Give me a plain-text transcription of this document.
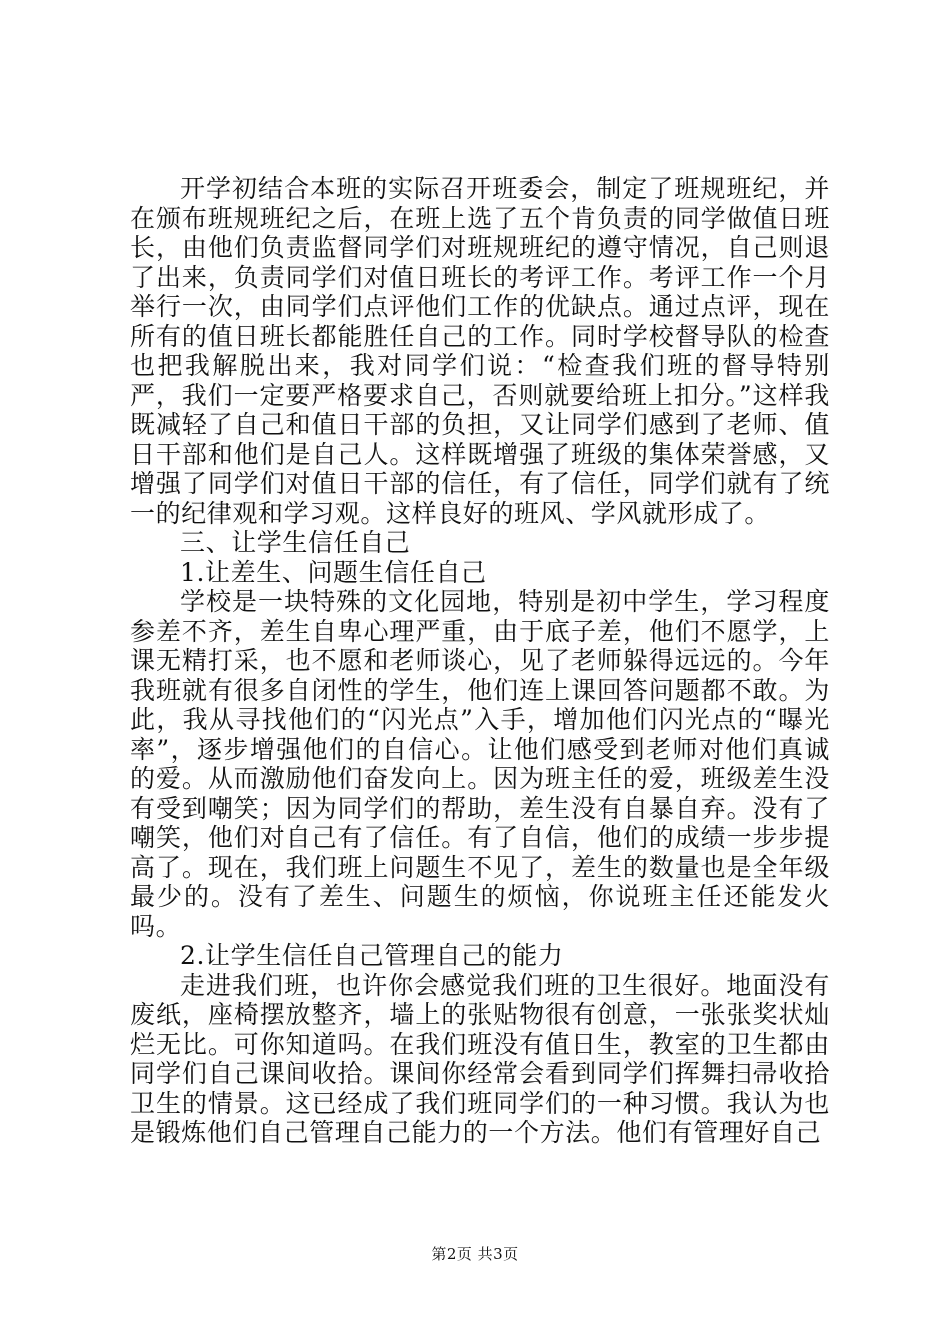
开学初结合本班的实际召开班委会，制定了班规班纪，并在颁布班规班纪之后，在班上选了五个肯负责的同学做值日班长，由他们负责监督同学们对班规班纪的遵守情况，自己则退了出来，负责同学们对值日班长的考评工作。考评工作一个月举行一次，由同学们点评他们工作的优缺点。通过点评，现在所有的值日班长都能胜任自己的工作。同时学校督导队的检查也把我解脱出来，我对同学们说：“检查我们班的督导特别严，我们一定要严格要求自己，否则就要给班上扣分。”这样我既减轻了自己和值日干部的负担，又让同学们感到了老师、值日干部和他们是自己人。这样既增强了班级的集体荣誉感，又增强了同学们对值日干部的信任，有了信任，同学们就有了统一的纪律观和学习观。这样良好的班风、学风就形成了。

三、让学生信任自己

1.让差生、问题生信任自己

学校是一块特殊的文化园地，特别是初中学生，学习程度参差不齐，差生自卑心理严重，由于底子差，他们不愿学，上课无精打采，也不愿和老师谈心，见了老师躲得远远的。今年我班就有很多自闭性的学生，他们连上课回答问题都不敢。为此，我从寻找他们的“闪光点”入手，增加他们闪光点的“曝光率”，逐步增强他们的自信心。让他们感受到老师对他们真诚的爱。从而激励他们奋发向上。因为班主任的爱，班级差生没有受到嘲笑；因为同学们的帮助，差生没有自暴自弃。没有了嘲笑，他们对自己有了信任。有了自信，他们的成绩一步步提高了。现在，我们班上问题生不见了，差生的数量也是全年级最少的。没有了差生、问题生的烦恼，你说班主任还能发火吗。

2.让学生信任自己管理自己的能力

走进我们班，也许你会感觉我们班的卫生很好。地面没有废纸，座椅摆放整齐，墙上的张贴物很有创意，一张张奖状灿烂无比。可你知道吗。在我们班没有值日生，教室的卫生都由同学们自己课间收拾。课间你经常会看到同学们挥舞扫帚收拾卫生的情景。这已经成了我们班同学们的一种习惯。我认为也是锻炼他们自己管理自己能力的一个方法。他们有管理好自己

第2页 共3页
